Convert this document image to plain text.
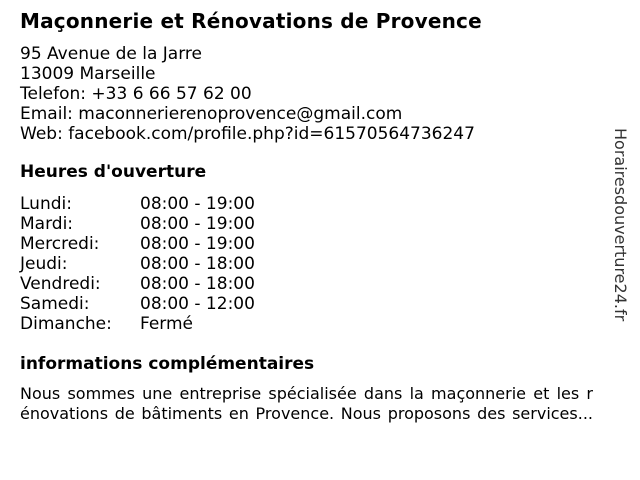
Maçonnerie et Rénovations de Provence
95 Avenue de la Jarre
13009 Marseille
Telefon: +33 6 66 57 62 00
Email: maconnerierenoprovence@gmail.com
Web: facebook.com/profile.php?id=61570564736247
Heures d'ouverture
Lundi:	08:00 - 19:00
Mardi:	08:00 - 19:00
Mercredi:	08:00 - 19:00
Jeudi:	08:00 - 18:00
Vendredi:	08:00 - 18:00
Samedi:	08:00 - 12:00
Dimanche:	Fermé
informations complémentaires
Nous sommes une entreprise spécialisée dans la maçonnerie et les r
énovations de bâtiments en Provence. Nous proposons des services...
Horairesdouverture24.fr
